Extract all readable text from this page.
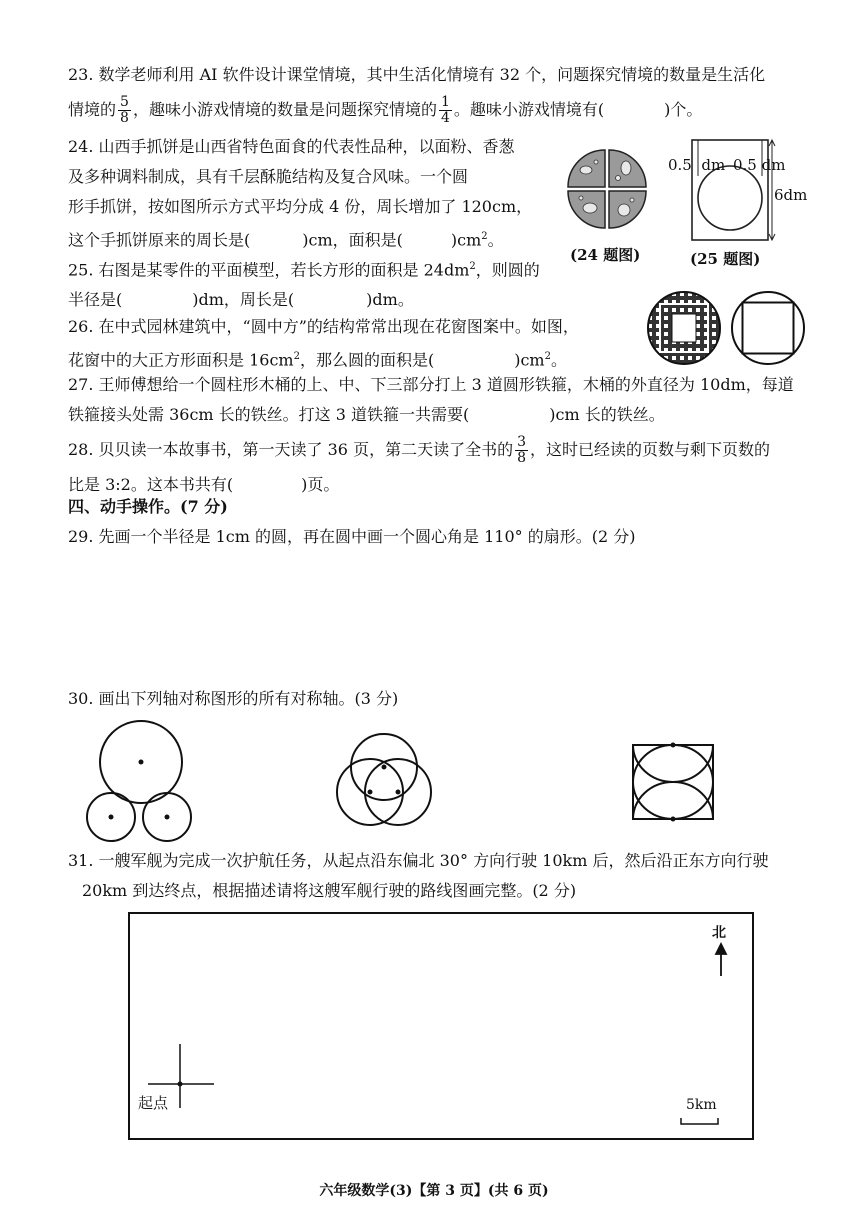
23. 数学老师利用 AI 软件设计课堂情境，其中生活化情境有 32 个，问题探究情境的数量是生活化
情境的 $\frac{5}{8}$ ，趣味小游戏情境的数量是问题探究情境的 $\frac{1}{4}$ 。趣味小游戏情境有(	)个。
24. 山西手抓饼是山西省特色面食的代表性品种，以面粉、香葱
及多种调料制成，具有千层酥脆结构及复合风味。一个圆
形手抓饼，按如图所示方式平均分成 4 份，周长增加了 120cm，
这个手抓饼原来的周长是(	)cm，面积是(	)$cm^2$。
(24 题图)
0.5 dm 0.5 dm
6dm
(25 题图)
25. 右图是某零件的平面模型，若长方形的面积是 $24dm^2$，则圆的
半径是(	)dm，周长是(	)dm。
26. 在中式园林建筑中，“圆中方”的结构常常出现在花窗图案中。如图，
花窗中的大正方形面积是 $16cm^2$，那么圆的面积是(	)$cm^2$。
27. 王师傅想给一个圆柱形木桶的上、中、下三部分打上 3 道圆形铁箍，木桶的外直径为 10dm，每道
铁箍接头处需 36cm 长的铁丝。打这 3 道铁箍一共需要(	)cm 长的铁丝。
28. 贝贝读一本故事书，第一天读了 36 页，第二天读了全书的 $\frac{3}{8}$ ，这时已经读的页数与剩下页数的
比是 3:2。这本书共有(	)页。
四、动手操作。(7 分)
29. 先画一个半径是 1cm 的圆，再在圆中画一个圆心角是 110° 的扇形。(2 分)
30. 画出下列轴对称图形的所有对称轴。(3 分)
31. 一艘军舰为完成一次护航任务，从起点沿东偏北 30° 方向行驶 10km 后，然后沿正东方向行驶
20km 到达终点，根据描述请将这艘军舰行驶的路线图画完整。(2 分)
北
起点	5km
六年级数学(3)【第 3 页】(共 6 页)
